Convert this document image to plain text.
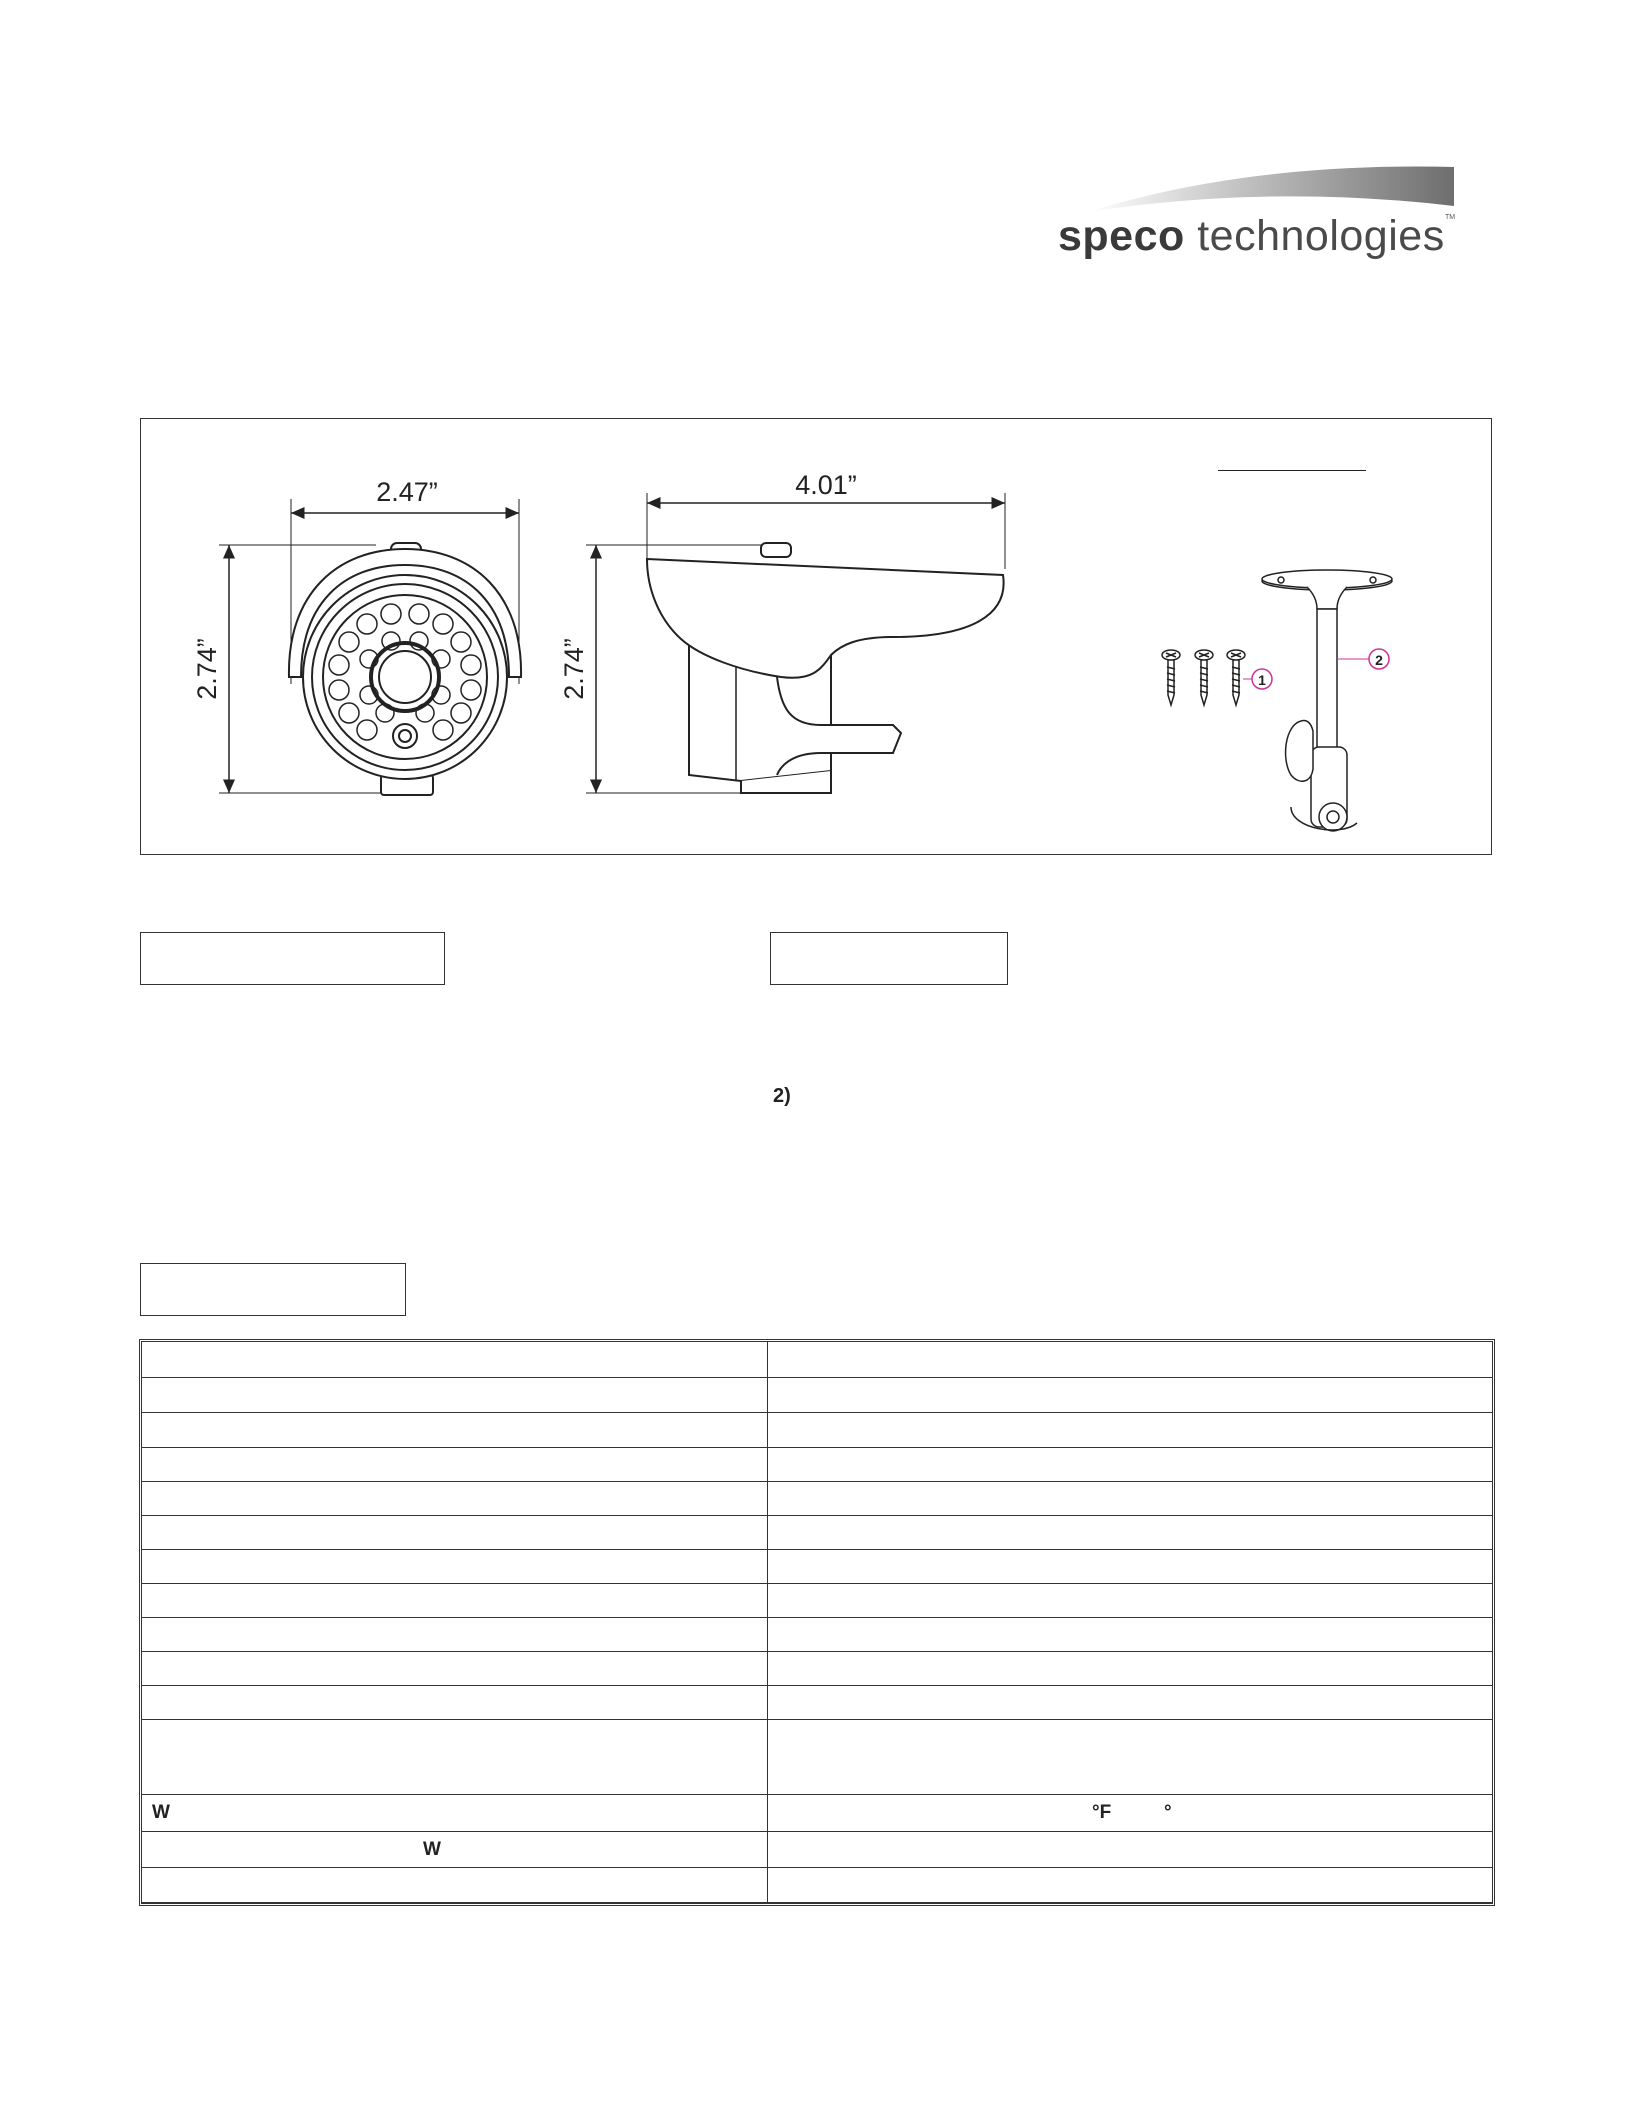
speco technologies TM
2.47”
2.74”
4.01”
2.74”	1
2
2)
W	°F          °
W
